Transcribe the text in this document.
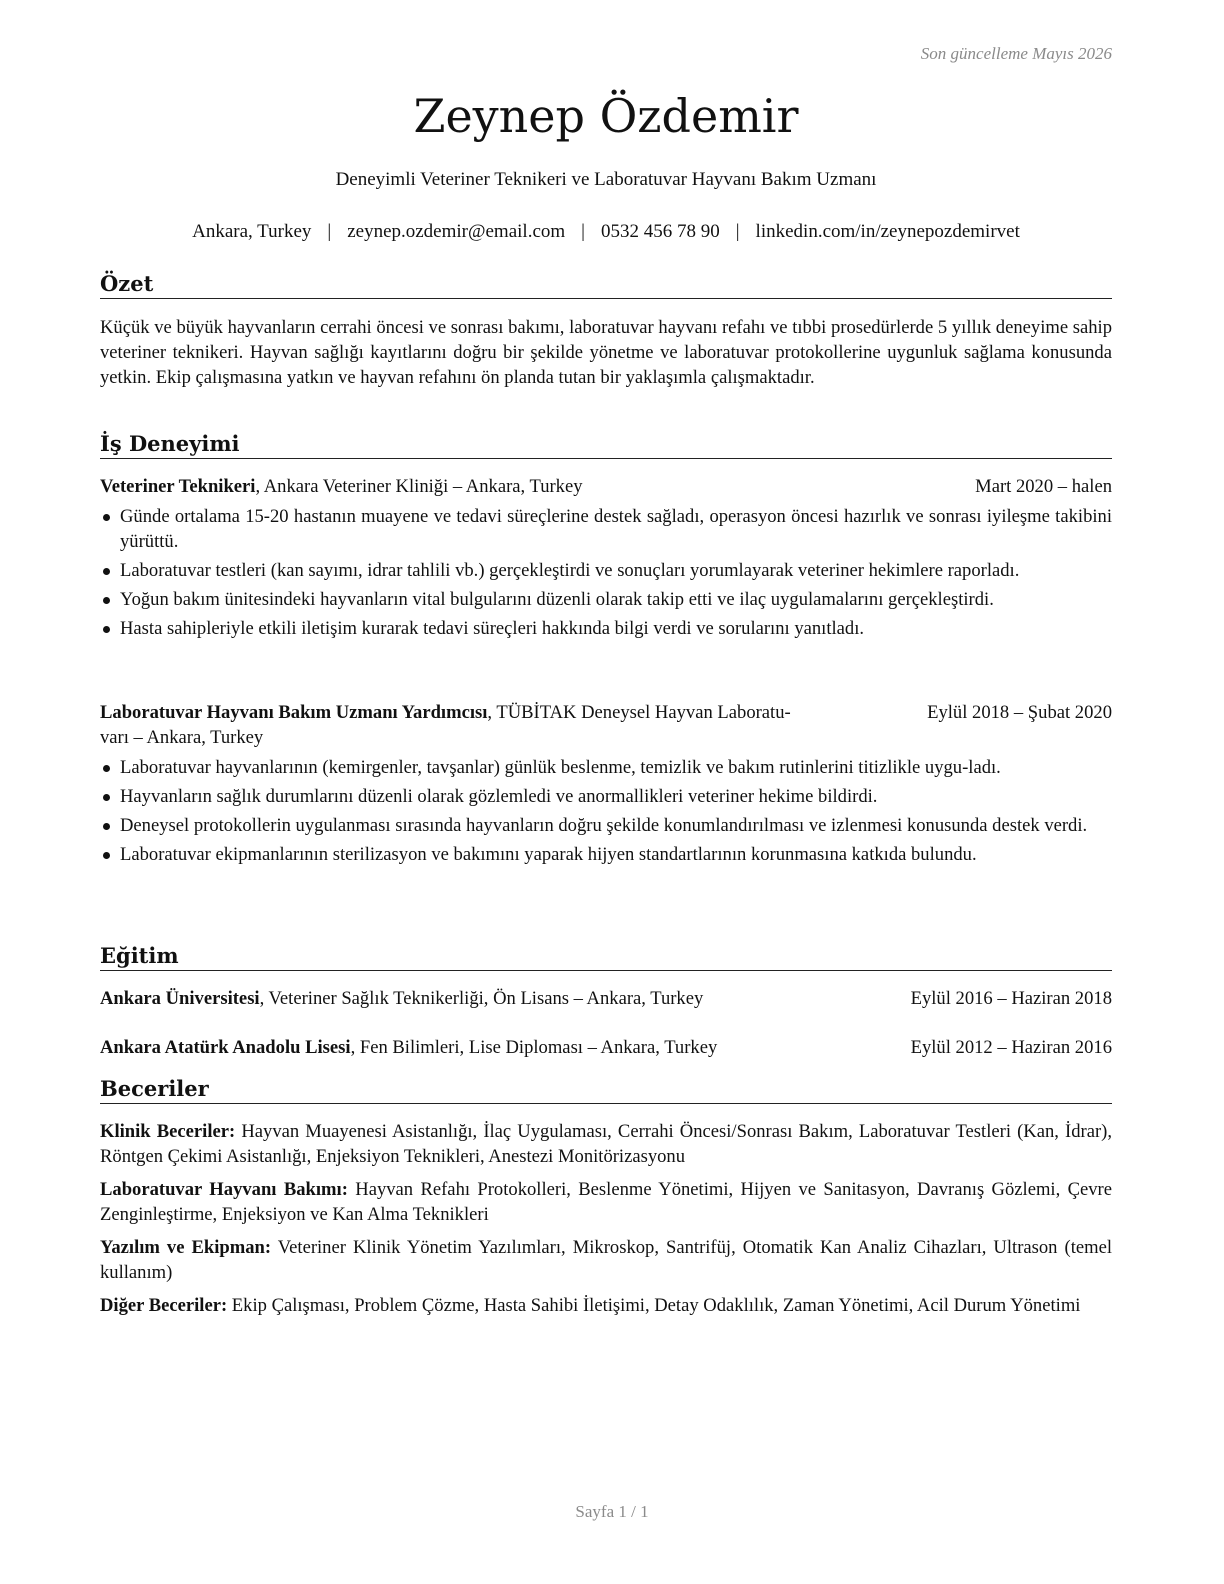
Son güncelleme Mayıs 2026
Zeynep Özdemir
Deneyimli Veteriner Teknikeri ve Laboratuvar Hayvanı Bakım Uzmanı
Ankara, Turkey | zeynep.ozdemir@email.com | 0532 456 78 90 | linkedin.com/in/zeynepozdemirvet
Özet
Küçük ve büyük hayvanların cerrahi öncesi ve sonrası bakımı, laboratuvar hayvanı refahı ve tıbbi prosedürlerde 5 yıllık deneyime sahip veteriner teknikeri. Hayvan sağlığı kayıtlarını doğru bir şekilde yönetme ve laboratuvar protokollerine uygunluk sağlama konusunda yetkin. Ekip çalışmasına yatkın ve hayvan refahını ön planda tutan bir yaklaşımla çalışmaktadır.
İş Deneyimi
Veteriner Teknikeri, Ankara Veteriner Kliniği – Ankara, Turkey	Mart 2020 – halen
Günde ortalama 15-20 hastanın muayene ve tedavi süreçlerine destek sağladı, operasyon öncesi hazırlık ve sonrası iyileşme takibini yürüttü.
Laboratuvar testleri (kan sayımı, idrar tahlili vb.) gerçekleştirdi ve sonuçları yorumlayarak veteriner hekimlere raporladı.
Yoğun bakım ünitesindeki hayvanların vital bulgularını düzenli olarak takip etti ve ilaç uygulamalarını gerçekleştirdi.
Hasta sahipleriyle etkili iletişim kurarak tedavi süreçleri hakkında bilgi verdi ve sorularını yanıtladı.
Laboratuvar Hayvanı Bakım Uzmanı Yardımcısı, TÜBİTAK Deneysel Hayvan Laboratu-
varı – Ankara, Turkey
Eylül 2018 – Şubat 2020
Laboratuvar hayvanlarının (kemirgenler, tavşanlar) günlük beslenme, temizlik ve bakım rutinlerini titizlikle uygu-ladı.
Hayvanların sağlık durumlarını düzenli olarak gözlemledi ve anormallikleri veteriner hekime bildirdi.
Deneysel protokollerin uygulanması sırasında hayvanların doğru şekilde konumlandırılması ve izlenmesi konusunda destek verdi.
Laboratuvar ekipmanlarının sterilizasyon ve bakımını yaparak hijyen standartlarının korunmasına katkıda bulundu.
Eğitim
Ankara Üniversitesi, Veteriner Sağlık Teknikerliği, Ön Lisans – Ankara, Turkey	Eylül 2016 – Haziran 2018
Ankara Atatürk Anadolu Lisesi, Fen Bilimleri, Lise Diploması – Ankara, Turkey	Eylül 2012 – Haziran 2016
Beceriler

Klinik Beceriler: Hayvan Muayenesi Asistanlığı, İlaç Uygulaması, Cerrahi Öncesi/Sonrası Bakım, Laboratuvar Testleri (Kan, İdrar), Röntgen Çekimi Asistanlığı, Enjeksiyon Teknikleri, Anestezi Monitörizasyonu

Laboratuvar Hayvanı Bakımı: Hayvan Refahı Protokolleri, Beslenme Yönetimi, Hijyen ve Sanitasyon, Davranış Gözlemi, Çevre Zenginleştirme, Enjeksiyon ve Kan Alma Teknikleri

Yazılım ve Ekipman: Veteriner Klinik Yönetim Yazılımları, Mikroskop, Santrifüj, Otomatik Kan Analiz Cihazları, Ultrason (temel kullanım)

Diğer Beceriler: Ekip Çalışması, Problem Çözme, Hasta Sahibi İletişimi, Detay Odaklılık, Zaman Yönetimi, Acil Durum Yönetimi

Sayfa 1 / 1
